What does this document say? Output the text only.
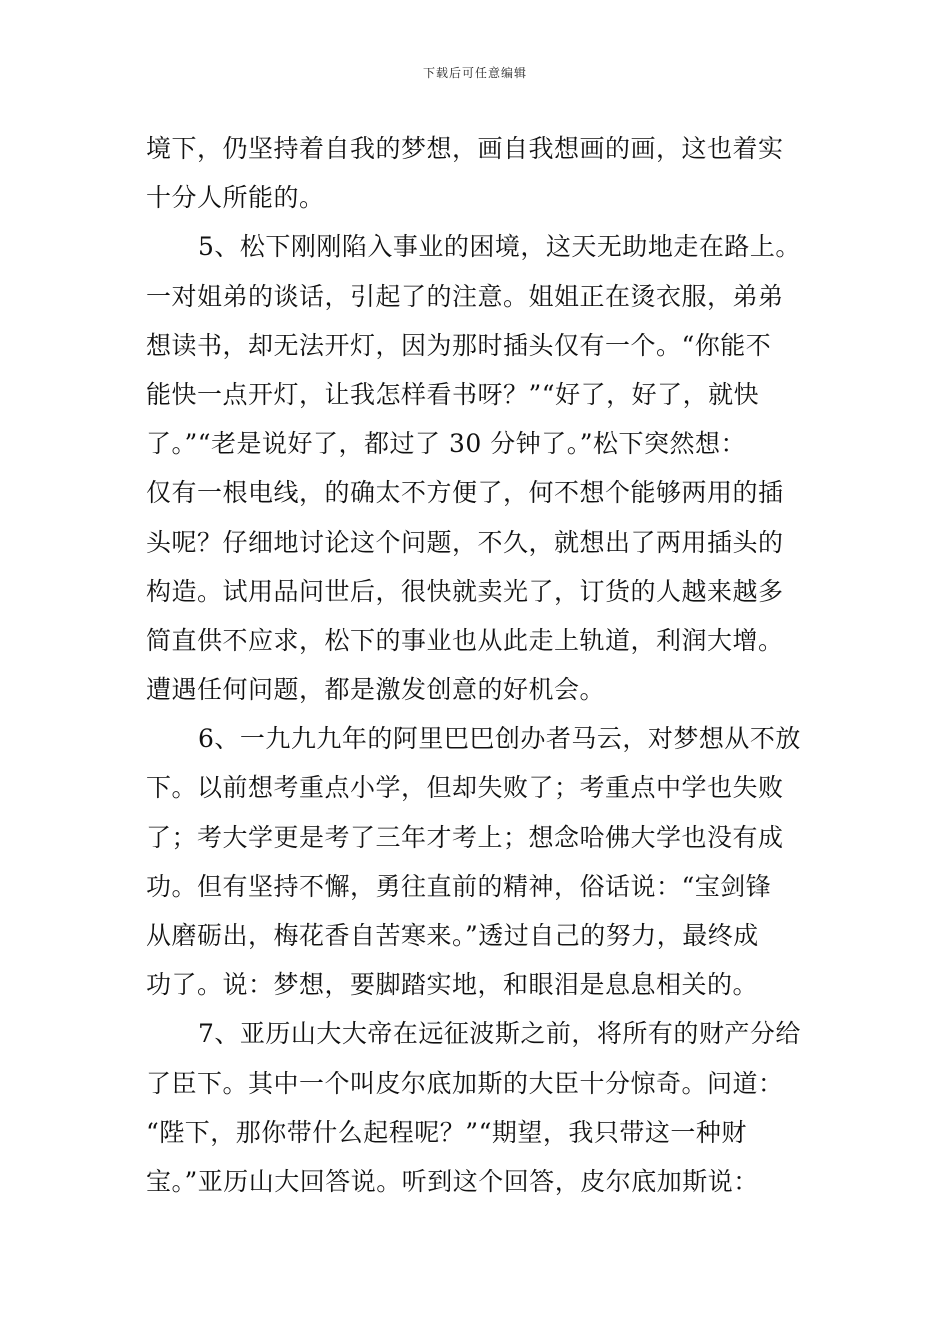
下载后可任意编辑
境下，仍坚持着自我的梦想，画自我想画的画，这也着实
十分人所能的。
5、松下刚刚陷入事业的困境，这天无助地走在路上。
一对姐弟的谈话，引起了的注意。姐姐正在烫衣服，弟弟
想读书，却无法开灯，因为那时插头仅有一个。“你能不
能快一点开灯，让我怎样看书呀？”“好了，好了，就快
了。”“老是说好了，都过了 30 分钟了。”松下突然想：
仅有一根电线，的确太不方便了，何不想个能够两用的插
头呢？仔细地讨论这个问题，不久，就想出了两用插头的
构造。试用品问世后，很快就卖光了，订货的人越来越多
简直供不应求，松下的事业也从此走上轨道，利润大增。
遭遇任何问题，都是激发创意的好机会。
6、一九九九年的阿里巴巴创办者马云，对梦想从不放
下。以前想考重点小学，但却失败了；考重点中学也失败
了；考大学更是考了三年才考上；想念哈佛大学也没有成
功。但有坚持不懈，勇往直前的精神，俗话说：“宝剑锋
从磨砺出，梅花香自苦寒来。”透过自己的努力，最终成
功了。说：梦想，要脚踏实地，和眼泪是息息相关的。
7、亚历山大大帝在远征波斯之前，将所有的财产分给
了臣下。其中一个叫皮尔底加斯的大臣十分惊奇。问道：
“陛下，那你带什么起程呢？”“期望，我只带这一种财
宝。”亚历山大回答说。听到这个回答，皮尔底加斯说：
